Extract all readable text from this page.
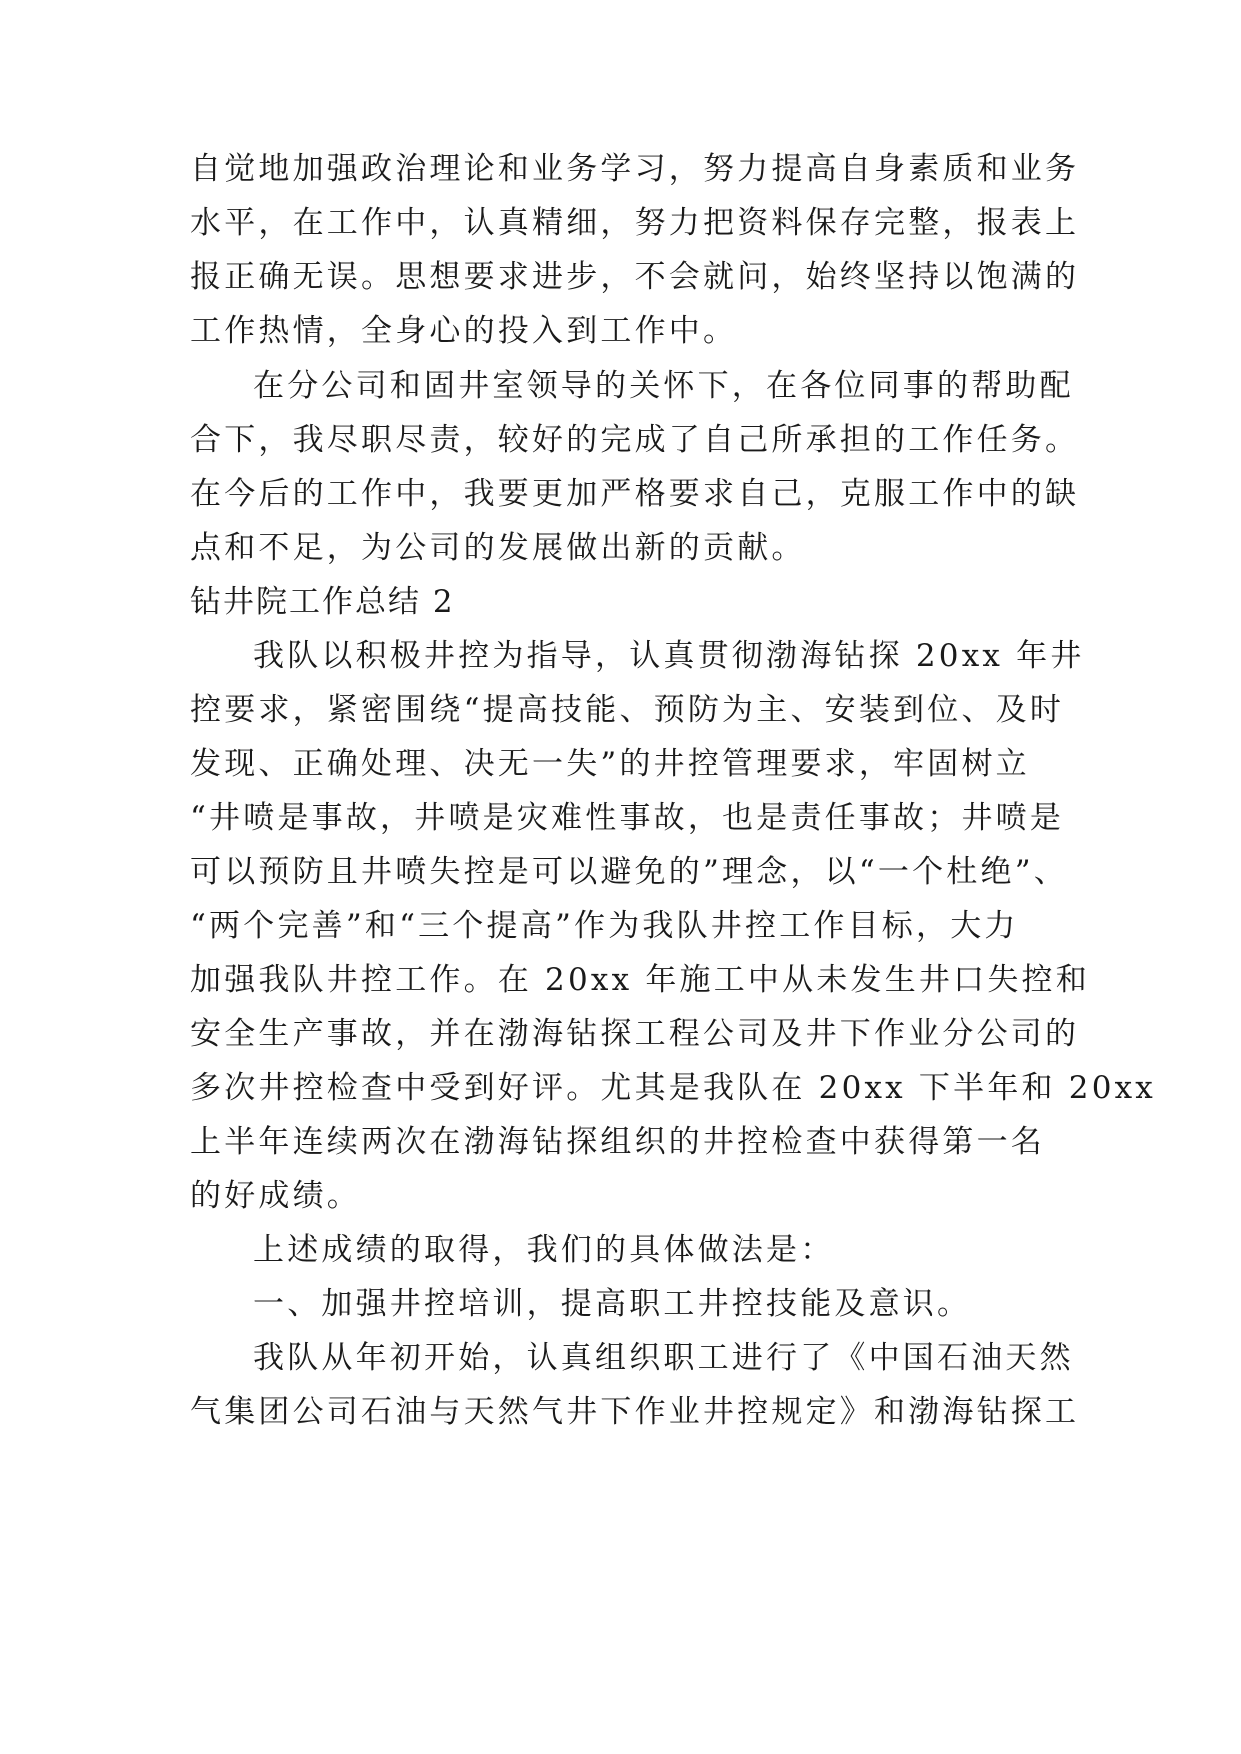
自觉地加强政治理论和业务学习，努力提高自身素质和业务
水平，在工作中，认真精细，努力把资料保存完整，报表上
报正确无误。思想要求进步，不会就问，始终坚持以饱满的
工作热情，全身心的投入到工作中。
在分公司和固井室领导的关怀下，在各位同事的帮助配
合下，我尽职尽责，较好的完成了自己所承担的工作任务。
在今后的工作中，我要更加严格要求自己，克服工作中的缺
点和不足，为公司的发展做出新的贡献。
钻井院工作总结 2
我队以积极井控为指导，认真贯彻渤海钻探 20xx 年井
控要求，紧密围绕“提高技能、预防为主、安装到位、及时
发现、正确处理、决无一失”的井控管理要求，牢固树立
“井喷是事故，井喷是灾难性事故，也是责任事故；井喷是
可以预防且井喷失控是可以避免的”理念，以“一个杜绝”、
“两个完善”和“三个提高”作为我队井控工作目标，大力
加强我队井控工作。在 20xx 年施工中从未发生井口失控和
安全生产事故，并在渤海钻探工程公司及井下作业分公司的
多次井控检查中受到好评。尤其是我队在 20xx 下半年和 20xx
上半年连续两次在渤海钻探组织的井控检查中获得第一名
的好成绩。
上述成绩的取得，我们的具体做法是：
一、加强井控培训，提高职工井控技能及意识。
我队从年初开始，认真组织职工进行了《中国石油天然
气集团公司石油与天然气井下作业井控规定》和渤海钻探工
